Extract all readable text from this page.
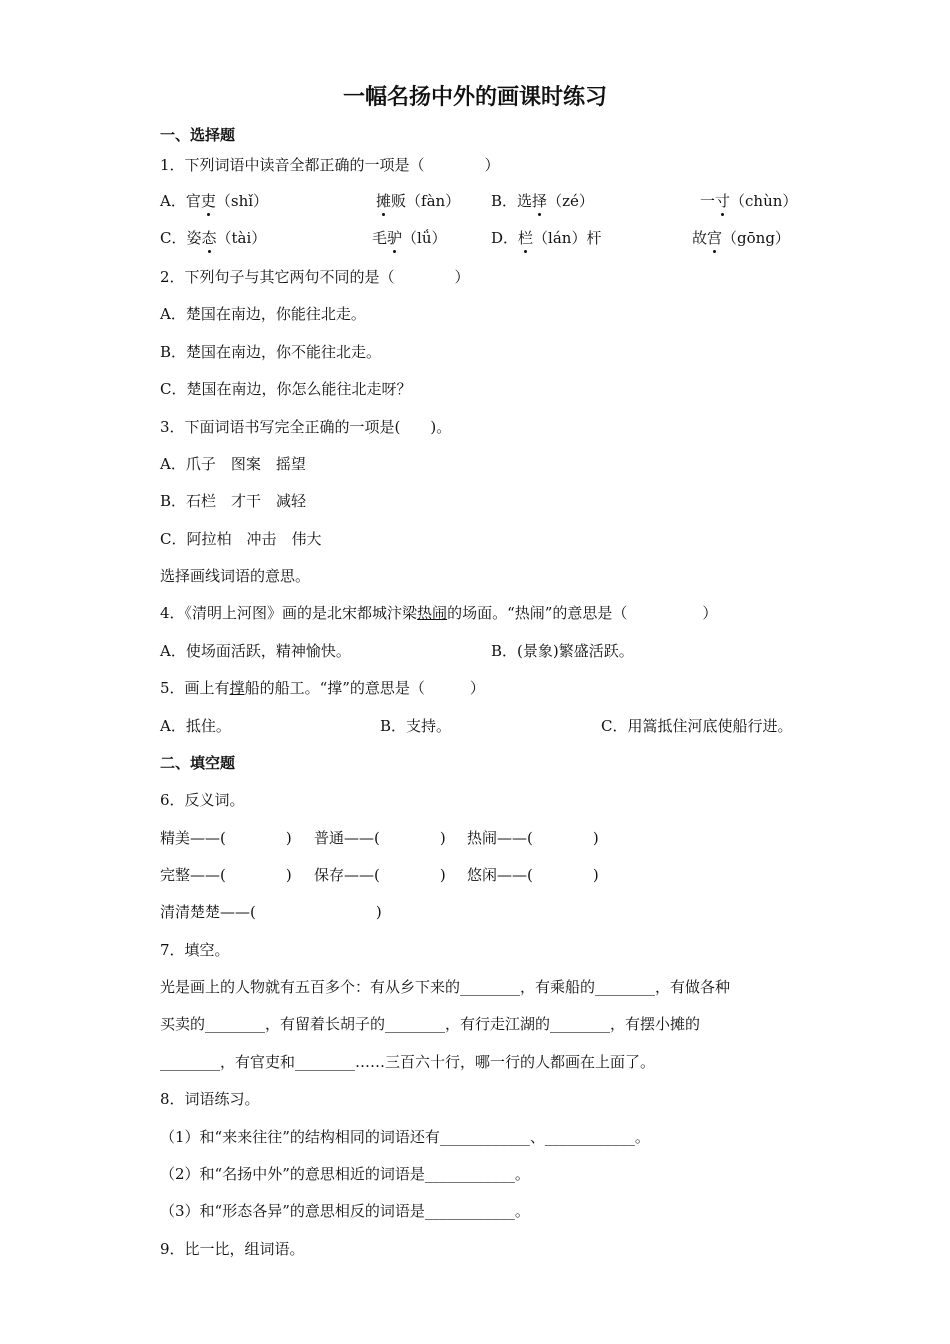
一幅名扬中外的画课时练习
一、选择题
1．下列词语中读音全都正确的一项是（　　　　）
A．官吏（shǐ）	摊贩（fàn） B．选择（zé）	一寸（chùn）
C．姿态（tài）	毛驴（lǘ）	D．栏（lán）杆	故宫（gōng）
2．下列句子与其它两句不同的是（　　　　）
A．楚国在南边，你能往北走。
B．楚国在南边，你不能往北走。
C．楚国在南边，你怎么能往北走呀？
3．下面词语书写完全正确的一项是(　　)。
A．爪子　图案　摇望
B．石栏　才干　减轻
C．阿拉柏　冲击　伟大
选择画线词语的意思。
4．《清明上河图》画的是北宋都城汴梁热闹的场面。“热闹”的意思是（　　　　　）
A．使场面活跃，精神愉快。	B．(景象)繁盛活跃。
5．画上有撑船的船工。“撑”的意思是（　　　）
A．抵住。	B．支持。	C．用篙抵住河底使船行进。
二、填空题
6．反义词。
精美——(　　　　) 普通——(　　　　) 热闹——(　　　　)
完整——(　　　　) 保存——(　　　　) 悠闲——(　　　　)
清清楚楚——(　　　　　　　　)
7．填空。
光是画上的人物就有五百多个：有从乡下来的________，有乘船的________，有做各种
买卖的________，有留着长胡子的________，有行走江湖的________，有摆小摊的
________，有官吏和________……三百六十行，哪一行的人都画在上面了。
8．词语练习。
（1）和“来来往往”的结构相同的词语还有____________、____________。
（2）和“名扬中外”的意思相近的词语是____________。
（3）和“形态各异”的意思相反的词语是____________。
9．比一比，组词语。
